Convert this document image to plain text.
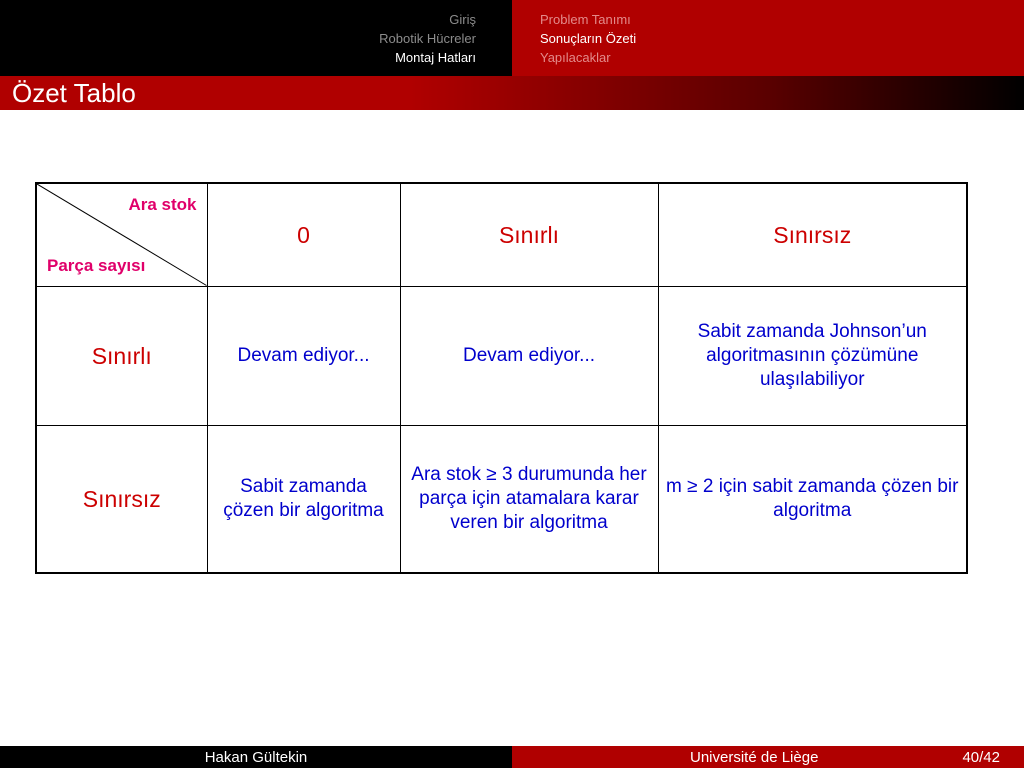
Giriş
Robotik Hücreler
Montaj Hatları
Problem Tanımı
Sonuçların Özeti
Yapılacaklar
Özet Tablo
Ara stok
Parça sayısı	0	Sınırlı	Sınırsız
Sınırlı	Devam ediyor...	Devam ediyor...	Sabit zamanda Johnson’un algoritmasının çözümüne ulaşılabiliyor
Sınırsız	Sabit zamanda çözen bir algoritma	Ara stok ≥ 3 durumunda her parça için atamalara karar veren bir algoritma	m ≥ 2 için sabit zamanda çözen bir algoritma
Hakan Gültekin	Université de Liège	40/42
